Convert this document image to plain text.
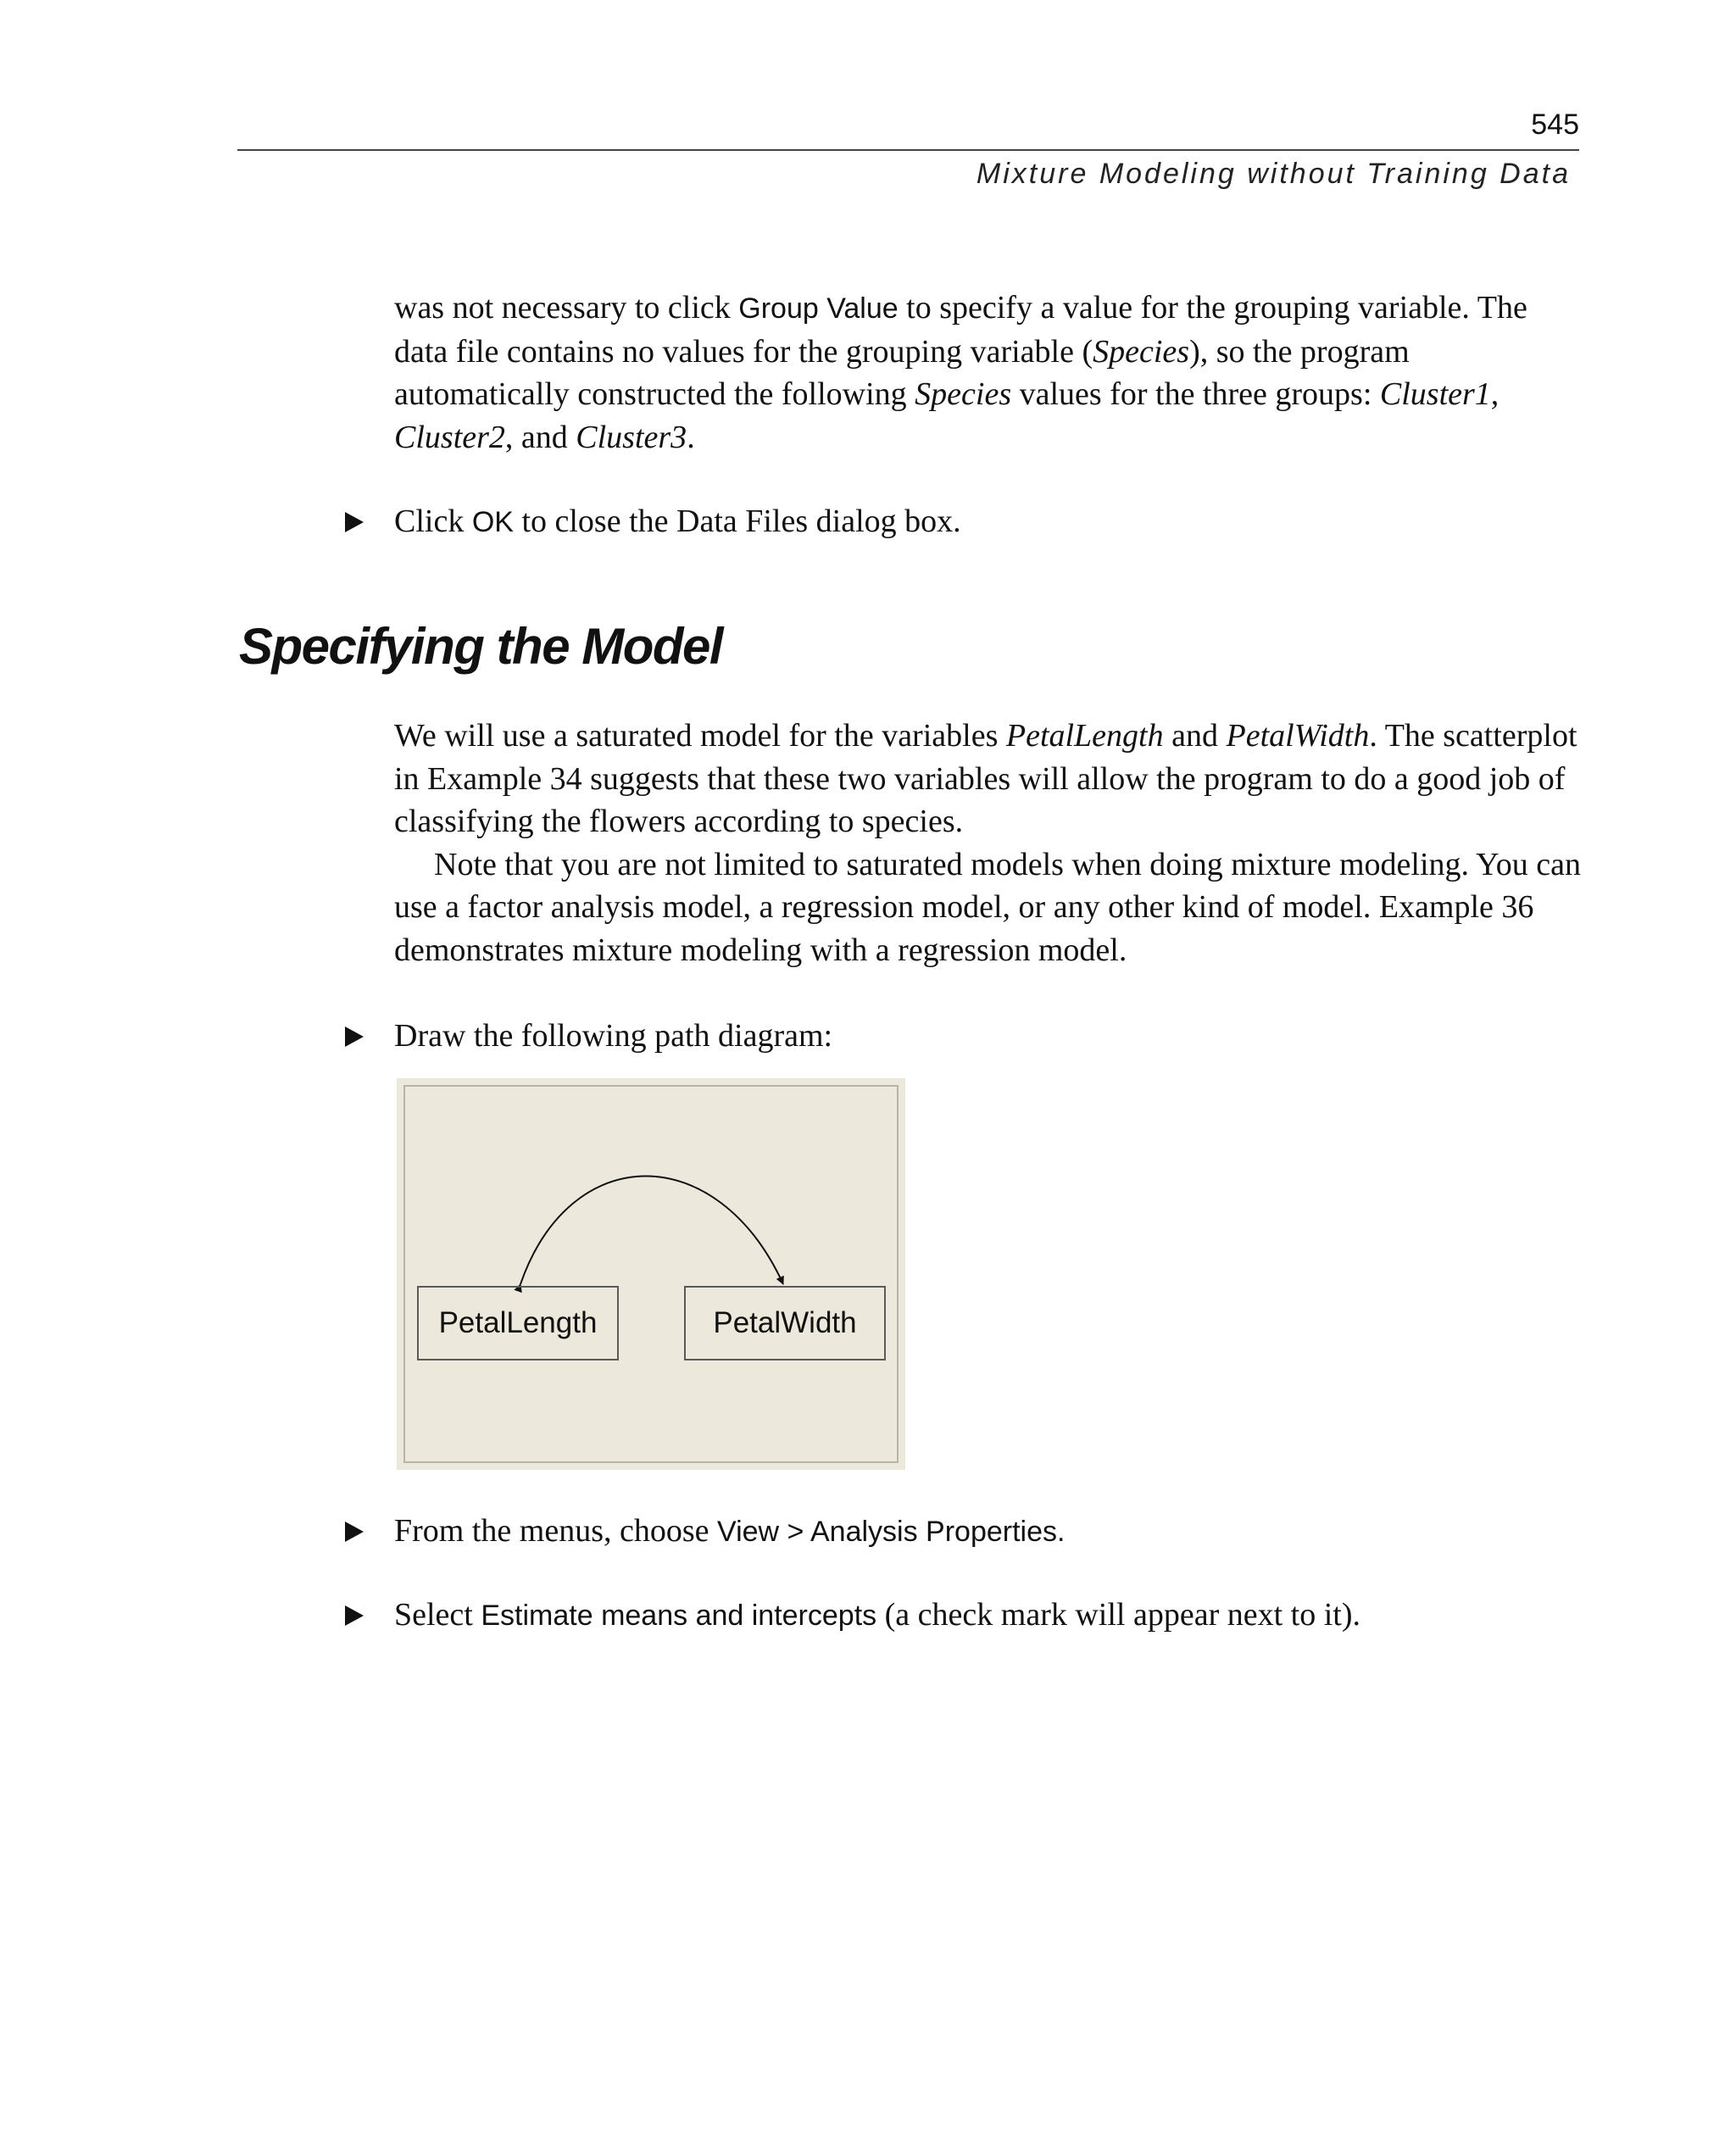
545
Mixture Modeling without Training Data

was not necessary to click Group Value to specify a value for the grouping variable. The data file contains no values for the grouping variable (Species), so the program automatically constructed the following Species values for the three groups: Cluster1, Cluster2, and Cluster3.

Click OK to close the Data Files dialog box.
Specifying the Model

We will use a saturated model for the variables PetalLength and PetalWidth. The scatterplot in Example 34 suggests that these two variables will allow the program to do a good job of classifying the flowers according to species.
Note that you are not limited to saturated models when doing mixture modeling. You can use a factor analysis model, a regression model, or any other kind of model. Example 36 demonstrates mixture modeling with a regression model.

Draw the following path diagram:
PetalLength	PetalWidth
From the menus, choose View > Analysis Properties.
Select Estimate means and intercepts (a check mark will appear next to it).
